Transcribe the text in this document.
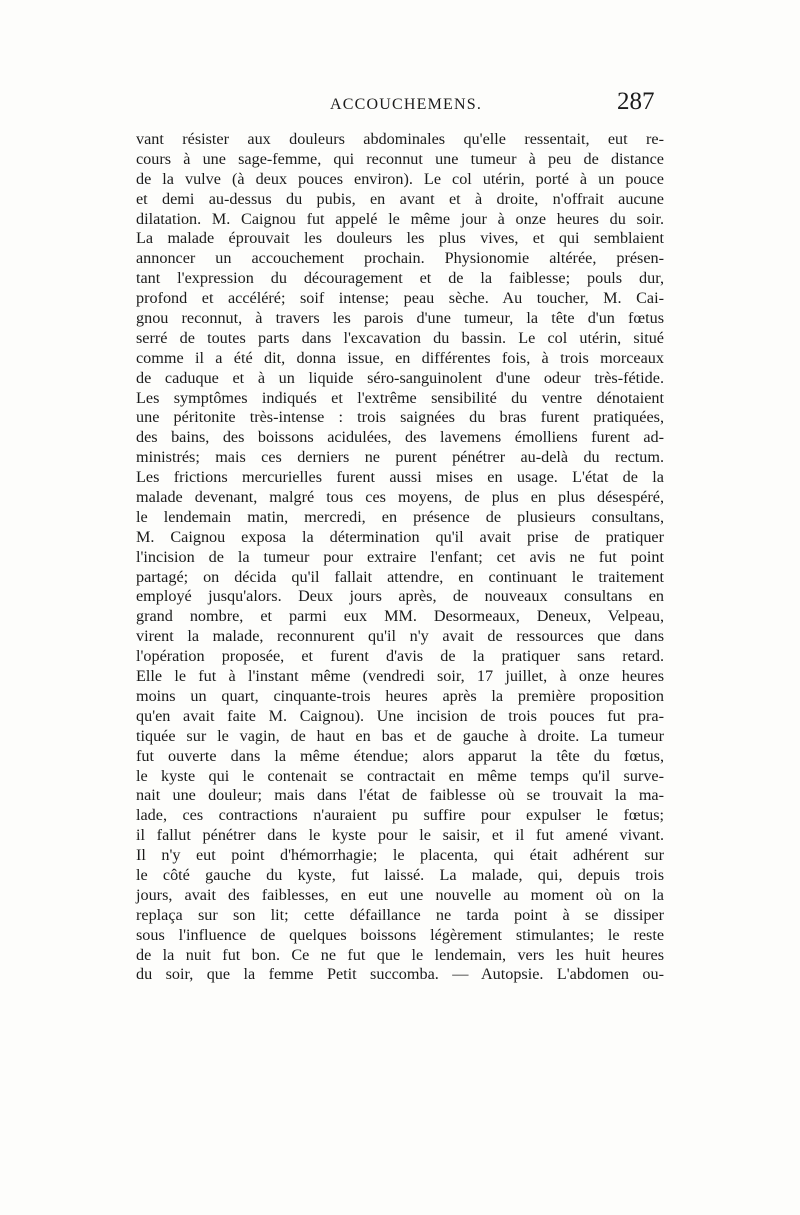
ACCOUCHEMENS.	287
vant résister aux douleurs abdominales qu'elle ressentait, eut re-
cours à une sage-femme, qui reconnut une tumeur à peu de distance
de la vulve (à deux pouces environ). Le col utérin, porté à un pouce
et demi au-dessus du pubis, en avant et à droite, n'offrait aucune
dilatation. M. Caignou fut appelé le même jour à onze heures du soir.
La malade éprouvait les douleurs les plus vives, et qui semblaient
annoncer un accouchement prochain. Physionomie altérée, présen-
tant l'expression du découragement et de la faiblesse; pouls dur,
profond et accéléré; soif intense; peau sèche. Au toucher, M. Cai-
gnou reconnut, à travers les parois d'une tumeur, la tête d'un fœtus
serré de toutes parts dans l'excavation du bassin. Le col utérin, situé
comme il a été dit, donna issue, en différentes fois, à trois morceaux
de caduque et à un liquide séro-sanguinolent d'une odeur très-fétide.
Les symptômes indiqués et l'extrême sensibilité du ventre dénotaient
une péritonite très-intense : trois saignées du bras furent pratiquées,
des bains, des boissons acidulées, des lavemens émolliens furent ad-
ministrés; mais ces derniers ne purent pénétrer au-delà du rectum.
Les frictions mercurielles furent aussi mises en usage. L'état de la
malade devenant, malgré tous ces moyens, de plus en plus désespéré,
le lendemain matin, mercredi, en présence de plusieurs consultans,
M. Caignou exposa la détermination qu'il avait prise de pratiquer
l'incision de la tumeur pour extraire l'enfant; cet avis ne fut point
partagé; on décida qu'il fallait attendre, en continuant le traitement
employé jusqu'alors. Deux jours après, de nouveaux consultans en
grand nombre, et parmi eux MM. Desormeaux, Deneux, Velpeau,
virent la malade, reconnurent qu'il n'y avait de ressources que dans
l'opération proposée, et furent d'avis de la pratiquer sans retard.
Elle le fut à l'instant même (vendredi soir, 17 juillet, à onze heures
moins un quart, cinquante-trois heures après la première proposition
qu'en avait faite M. Caignou). Une incision de trois pouces fut pra-
tiquée sur le vagin, de haut en bas et de gauche à droite. La tumeur
fut ouverte dans la même étendue; alors apparut la tête du fœtus,
le kyste qui le contenait se contractait en même temps qu'il surve-
nait une douleur; mais dans l'état de faiblesse où se trouvait la ma-
lade, ces contractions n'auraient pu suffire pour expulser le fœtus;
il fallut pénétrer dans le kyste pour le saisir, et il fut amené vivant.
Il n'y eut point d'hémorrhagie; le placenta, qui était adhérent sur
le côté gauche du kyste, fut laissé. La malade, qui, depuis trois
jours, avait des faiblesses, en eut une nouvelle au moment où on la
replaça sur son lit; cette défaillance ne tarda point à se dissiper
sous l'influence de quelques boissons légèrement stimulantes; le reste
de la nuit fut bon. Ce ne fut que le lendemain, vers les huit heures
du soir, que la femme Petit succomba. — Autopsie. L'abdomen ou-
